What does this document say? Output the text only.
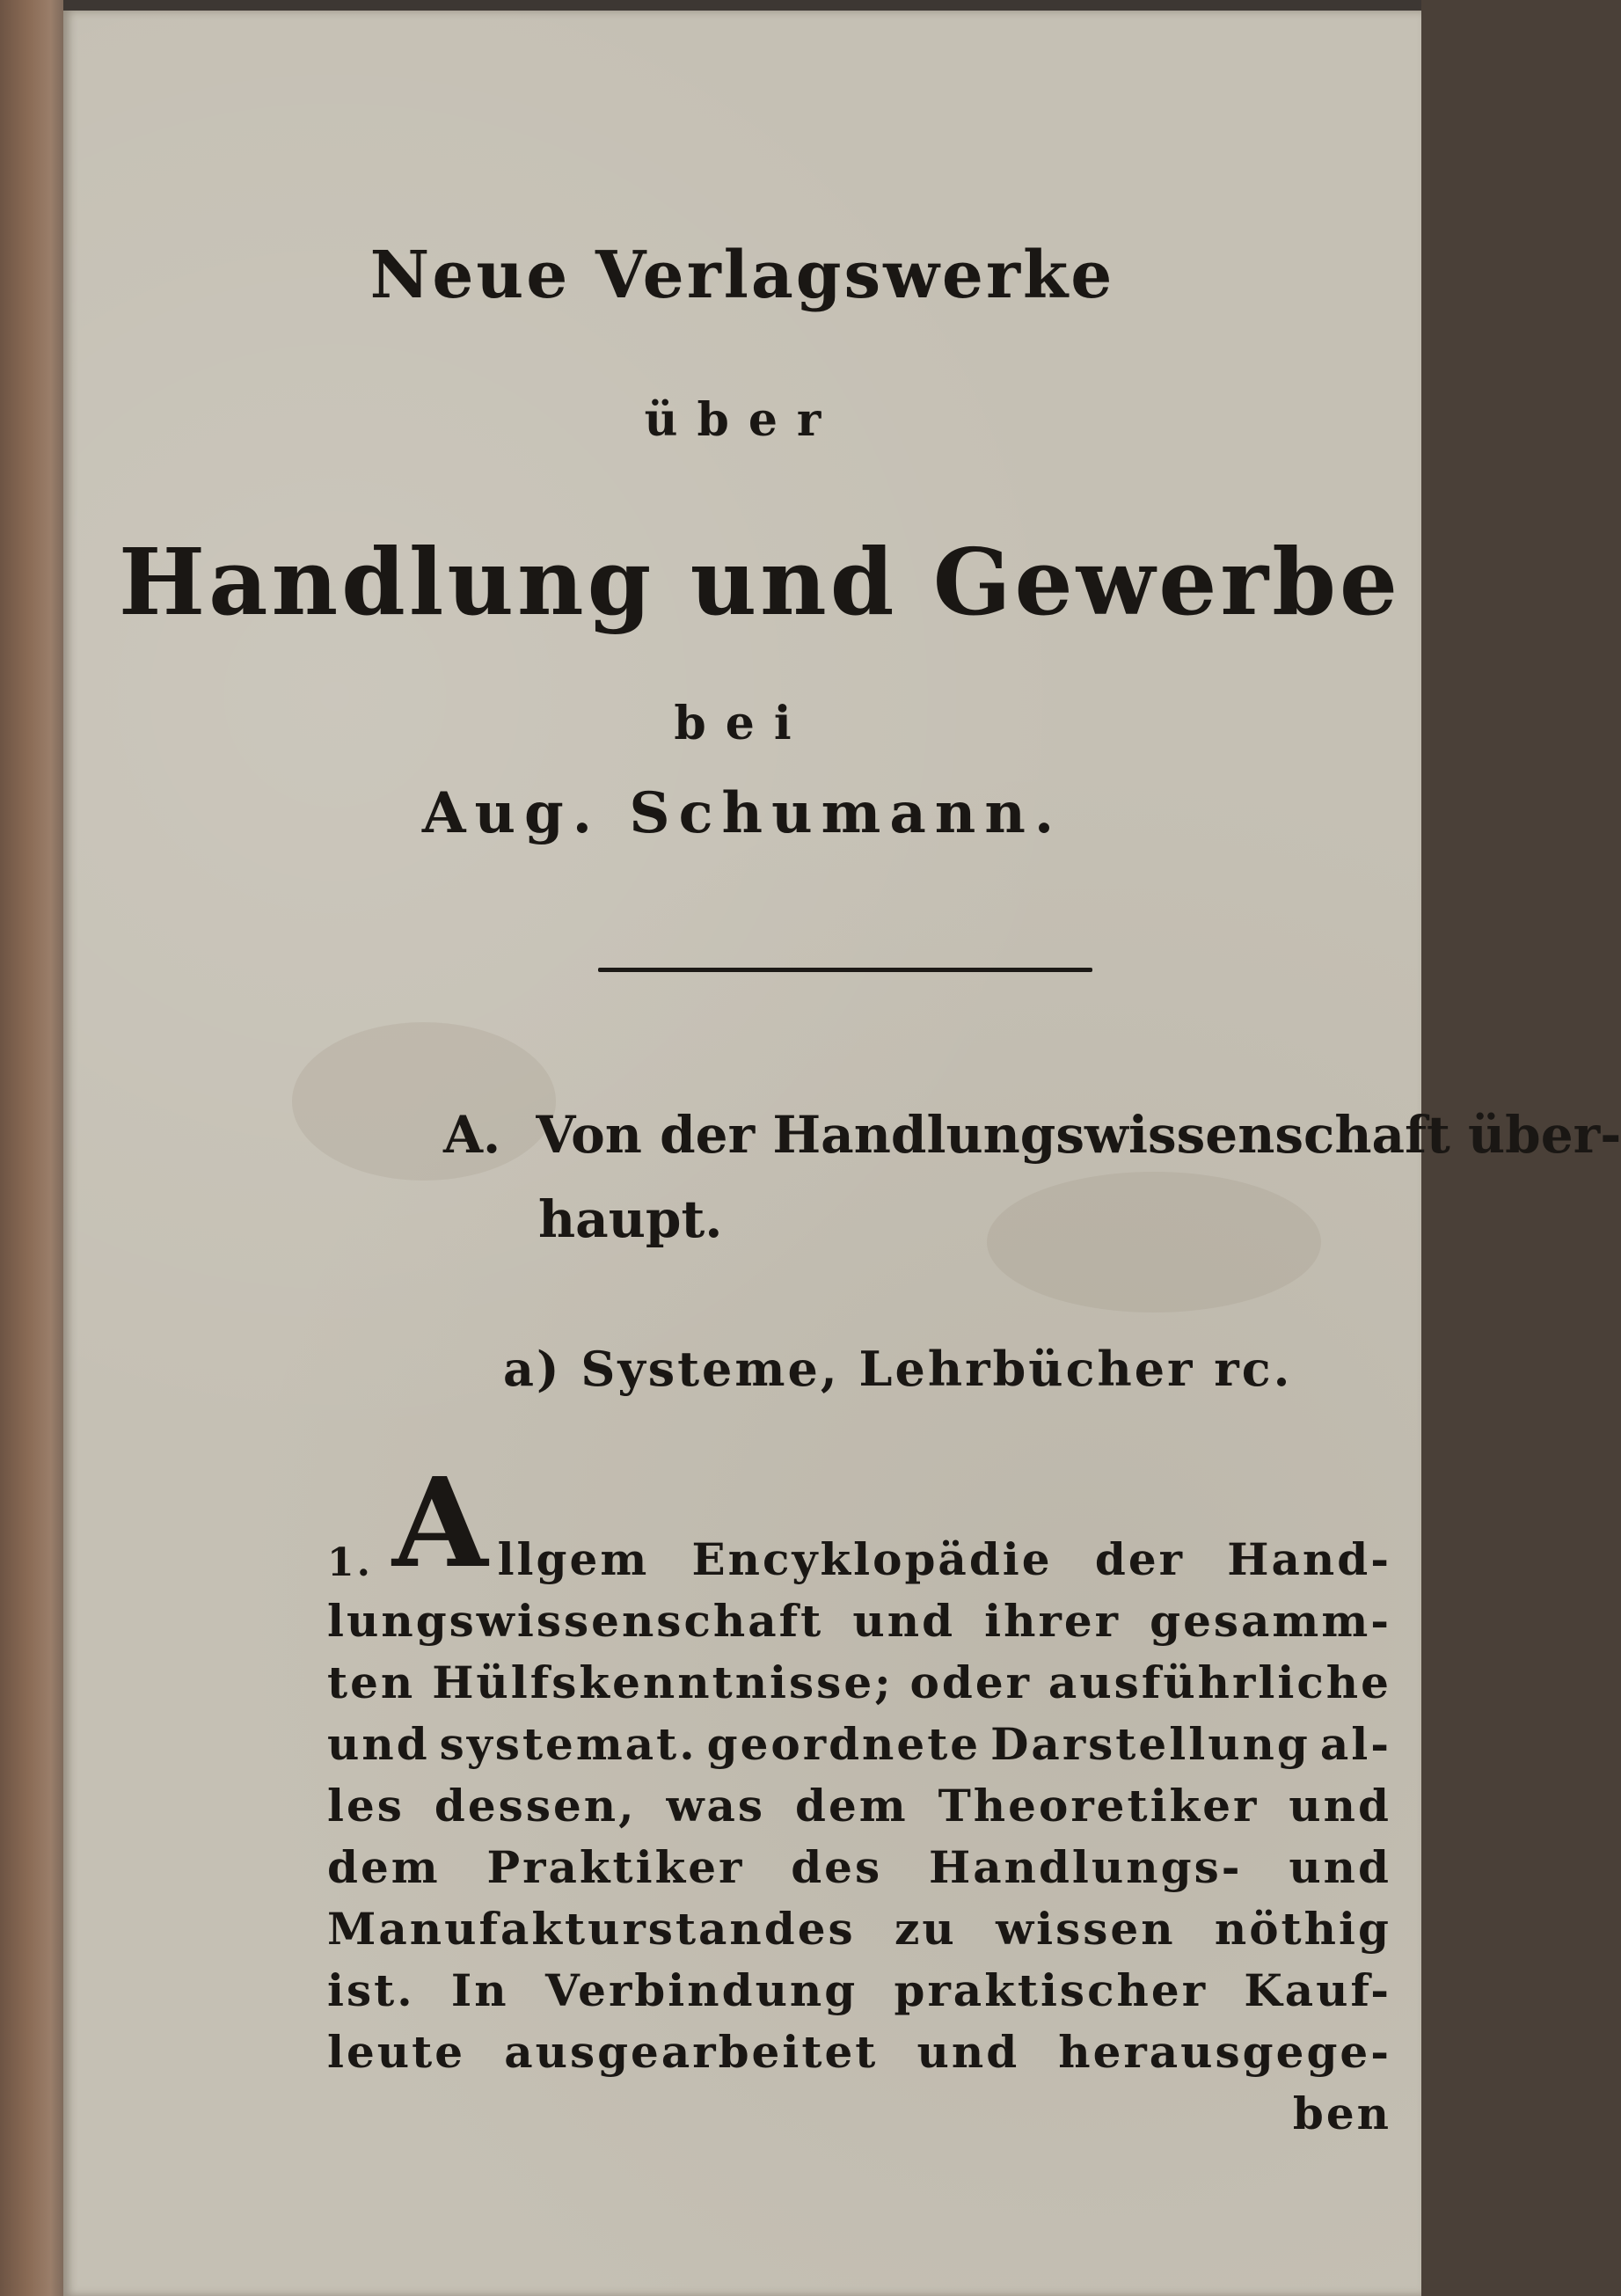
Neue Verlagswerke
über
Handlung und Gewerbe
bei
Aug. Schumann.
A. Von der Handlungswissenschaft über-
haupt.
a) Systeme, Lehrbücher rc.
1. A llgem Encyklopädie der Hand-
lungswissenschaft und ihrer gesamm-
ten Hülfskenntnisse; oder ausführliche
und systemat. geordnete Darstellung al-
les dessen, was dem Theoretiker und
dem Praktiker des Handlungs- und
Manufakturstandes zu wissen nöthig
ist. In Verbindung praktischer Kauf-
leute ausgearbeitet und herausgege-
ben
